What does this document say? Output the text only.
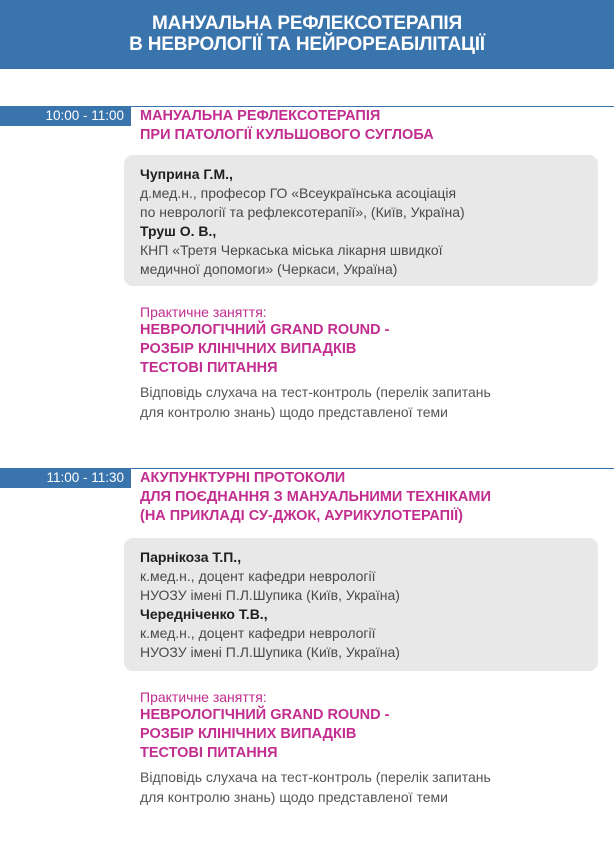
МАНУАЛЬНА РЕФЛЕКСОТЕРАПІЯ
В НЕВРОЛОГІЇ ТА НЕЙРОРЕАБІЛІТАЦІЇ
10:00 - 11:00	МАНУАЛЬНА РЕФЛЕКСОТЕРАПІЯ
ПРИ ПАТОЛОГІЇ КУЛЬШОВОГО СУГЛОБА
Чуприна Г.М.,
д.мед.н., професор ГО «Всеукраїнська асоціація
по неврології та рефлексотерапії», (Київ, Україна)
Труш О. В.,
КНП «Третя Черкаська міська лікарня швидкої
медичної допомоги» (Черкаси, Україна)
Практичне заняття:
НЕВРОЛОГІЧНИЙ GRAND ROUND -
РОЗБІР КЛІНІЧНИХ ВИПАДКІВ
ТЕСТОВІ ПИТАННЯ
Відповідь слухача на тест-контроль (перелік запитань
для контролю знань) щодо представленої теми
11:00 - 11:30	АКУПУНКТУРНІ ПРОТОКОЛИ
ДЛЯ ПОЄДНАННЯ З МАНУАЛЬНИМИ ТЕХНІКАМИ
(НА ПРИКЛАДІ СУ-ДЖОК, АУРИКУЛОТЕРАПІЇ)
Парнікоза Т.П.,
к.мед.н., доцент кафедри неврології
НУОЗУ імені П.Л.Шупика (Київ, Україна)
Чередніченко Т.В.,
к.мед.н., доцент кафедри неврології
НУОЗУ імені П.Л.Шупика (Київ, Україна)
Практичне заняття:
НЕВРОЛОГІЧНИЙ GRAND ROUND -
РОЗБІР КЛІНІЧНИХ ВИПАДКІВ
ТЕСТОВІ ПИТАННЯ
Відповідь слухача на тест-контроль (перелік запитань
для контролю знань) щодо представленої теми
